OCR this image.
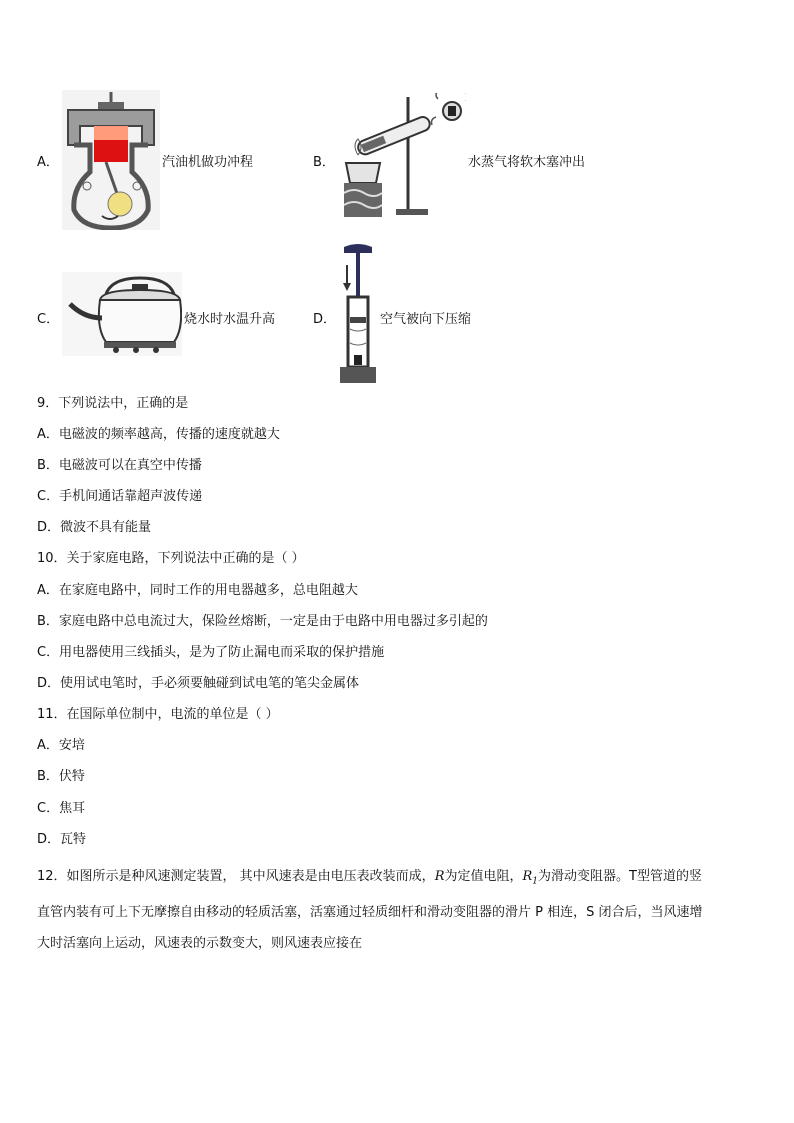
A．	汽油机做功冲程	B．	水蒸气将软木塞冲出
C．	烧水时水温升高	D．	空气被向下压缩
9．下列说法中，正确的是
A．电磁波的频率越高，传播的速度就越大
B．电磁波可以在真空中传播
C．手机间通话靠超声波传递
D．微波不具有能量
10．关于家庭电路，下列说法中正确的是（ ）
A．在家庭电路中，同时工作的用电器越多，总电阻越大
B．家庭电路中总电流过大，保险丝熔断，一定是由于电路中用电器过多引起的
C．用电器使用三线插头，是为了防止漏电而采取的保护措施
D．使用试电笔时，手必须要触碰到试电笔的笔尖金属体
11．在国际单位制中，电流的单位是（ ）
A．安培
B．伏特
C．焦耳
D．瓦特
12．如图所示是种风速测定装置， 其中风速表是由电压表改装而成，R为定值电阻，$R_1$为滑动变阻器。T型管道的竖
直管内装有可上下无摩擦自由移动的轻质活塞，活塞通过轻质细杆和滑动变阻器的滑片 P 相连，S 闭合后，当风速增
大时活塞向上运动，风速表的示数变大，则风速表应接在
